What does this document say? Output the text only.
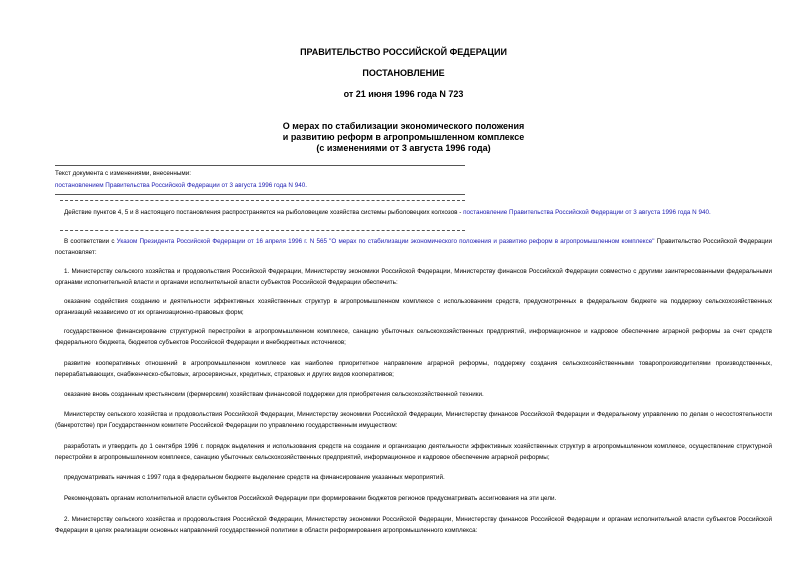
ПРАВИТЕЛЬСТВО РОССИЙСКОЙ ФЕДЕРАЦИИ
ПОСТАНОВЛЕНИЕ
от 21 июня 1996 года N 723
О мерах по стабилизации экономического положения
и развитию реформ в агропромышленном комплексе
(с изменениями от 3 августа 1996 года)
Текст документа с изменениями, внесенными:
постановлением Правительства Российской Федерации от 3 августа 1996 года N 940.
Действие пунктов 4, 5 и 8 настоящего постановления распространяется на рыболовецкие хозяйства системы рыболовецких колхозов - постановление Правительства Российской Федерации от 3 августа 1996 года N 940.
В соответствии с Указом Президента Российской Федерации от 16 апреля 1996 г. N 565 "О мерах по стабилизации экономического положения и развитию реформ в агропромышленном комплексе" Правительство Российской Федерации постановляет:
1. Министерству сельского хозяйства и продовольствия Российской Федерации, Министерству экономики Российской Федерации, Министерству финансов Российской Федерации совместно с другими заинтересованными федеральными органами исполнительной власти и органами исполнительной власти субъектов Российской Федерации обеспечить:
оказание содействия созданию и деятельности эффективных хозяйственных структур в агропромышленном комплексе с использованием средств, предусмотренных в федеральном бюджете на поддержку сельскохозяйственных организаций независимо от их организационно-правовых форм;
государственное финансирование структурной перестройки в агропромышленном комплексе, санацию убыточных сельскохозяйственных предприятий, информационное и кадровое обеспечение аграрной реформы за счет средств федерального бюджета, бюджетов субъектов Российской Федерации и внебюджетных источников;
развитие кооперативных отношений в агропромышленном комплексе как наиболее приоритетное направление аграрной реформы, поддержку создания сельскохозяйственными товаропроизводителями производственных, перерабатывающих, снабженческо-сбытовых, агросервисных, кредитных, страховых и других видов кооперативов;
оказание вновь созданным крестьянским (фермерским) хозяйствам финансовой поддержки для приобретения сельскохозяйственной техники.
Министерству сельского хозяйства и продовольствия Российской Федерации, Министерству экономики Российской Федерации, Министерству финансов Российской Федерации и Федеральному управлению по делам о несостоятельности (банкротстве) при Государственном комитете Российской Федерации по управлению государственным имуществом:
разработать и утвердить до 1 сентября 1996 г. порядок выделения и использования средств на создание и организацию деятельности эффективных хозяйственных структур в агропромышленном комплексе, осуществление структурной перестройки в агропромышленном комплексе, санацию убыточных сельскохозяйственных предприятий, информационное и кадровое обеспечение аграрной реформы;
предусматривать начиная с 1997 года в федеральном бюджете выделение средств на финансирование указанных мероприятий.
Рекомендовать органам исполнительной власти субъектов Российской Федерации при формировании бюджетов регионов предусматривать ассигнования на эти цели.
2. Министерству сельского хозяйства и продовольствия Российской Федерации, Министерству экономики Российской Федерации, Министерству финансов Российской Федерации и органам исполнительной власти субъектов Российской Федерации в целях реализации основных направлений государственной политики в области реформирования агропромышленного комплекса:
